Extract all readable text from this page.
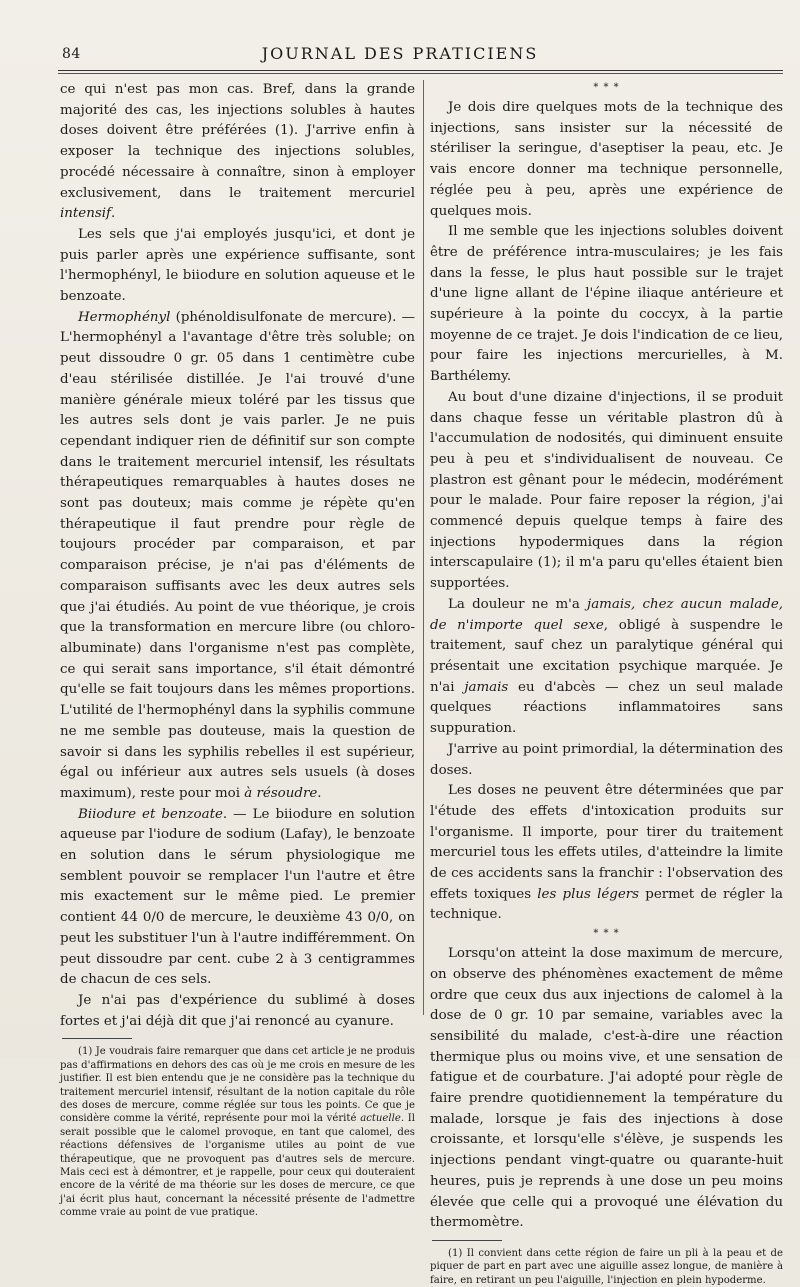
84	JOURNAL DES PRATICIENS

ce qui n'est pas mon cas. Bref, dans la grande majorité des cas, les injections solubles à hautes doses doivent être préférées (1). J'arrive enfin à exposer la technique des injections solubles, procédé nécessaire à connaître, sinon à employer exclusivement, dans le traitement mercuriel intensif.

Les sels que j'ai employés jusqu'ici, et dont je puis parler après une expérience suffisante, sont l'hermophényl, le biiodure en solution aqueuse et le benzoate.

Hermophényl (phénoldisulfonate de mercure). — L'hermophényl a l'avantage d'être très soluble; on peut dissoudre 0 gr. 05 dans 1 centimètre cube d'eau stérilisée distillée. Je l'ai trouvé d'une manière générale mieux toléré par les tissus que les autres sels dont je vais parler. Je ne puis cependant indiquer rien de définitif sur son compte dans le traitement mercuriel intensif, les résultats thérapeutiques remarquables à hautes doses ne sont pas douteux; mais comme je répète qu'en thérapeutique il faut prendre pour règle de toujours procéder par comparaison, et par comparaison précise, je n'ai pas d'éléments de comparaison suffisants avec les deux autres sels que j'ai étudiés. Au point de vue théorique, je crois que la transformation en mercure libre (ou chloro-albuminate) dans l'organisme n'est pas complète, ce qui serait sans importance, s'il était démontré qu'elle se fait toujours dans les mêmes proportions. L'utilité de l'hermophényl dans la syphilis commune ne me semble pas douteuse, mais la question de savoir si dans les syphilis rebelles il est supérieur, égal ou inférieur aux autres sels usuels (à doses maximum), reste pour moi à résoudre.

Biiodure et benzoate. — Le biiodure en solution aqueuse par l'iodure de sodium (Lafay), le benzoate en solution dans le sérum physiologique me semblent pouvoir se remplacer l'un l'autre et être mis exactement sur le même pied. Le premier contient 44 0/0 de mercure, le deuxième 43 0/0, on peut les substituer l'un à l'autre indifféremment. On peut dissoudre par cent. cube 2 à 3 centigrammes de chacun de ces sels.

Je n'ai pas d'expérience du sublimé à doses fortes et j'ai déjà dit que j'ai renoncé au cyanure.

(1) Je voudrais faire remarquer que dans cet article je ne produis pas d'affirmations en dehors des cas où je me crois en mesure de les justifier. Il est bien entendu que je ne considère pas la technique du traitement mercuriel intensif, résultant de la notion capitale du rôle des doses de mercure, comme réglée sur tous les points. Ce que je considère comme la vérité, représente pour moi la vérité actuelle. Il serait possible que le calomel provoque, en tant que calomel, des réactions défensives de l'organisme utiles au point de vue thérapeutique, que ne provoquent pas d'autres sels de mercure. Mais ceci est à démontrer, et je rappelle, pour ceux qui douteraient encore de la vérité de ma théorie sur les doses de mercure, ce que j'ai écrit plus haut, concernant la nécessité présente de l'admettre comme vraie au point de vue pratique.

* * *

Je dois dire quelques mots de la technique des injections, sans insister sur la nécessité de stériliser la seringue, d'aseptiser la peau, etc. Je vais encore donner ma technique personnelle, réglée peu à peu, après une expérience de quelques mois.

Il me semble que les injections solubles doivent être de préférence intra-musculaires; je les fais dans la fesse, le plus haut possible sur le trajet d'une ligne allant de l'épine iliaque antérieure et supérieure à la pointe du coccyx, à la partie moyenne de ce trajet. Je dois l'indication de ce lieu, pour faire les injections mercurielles, à M. Barthélemy.

Au bout d'une dizaine d'injections, il se produit dans chaque fesse un véritable plastron dû à l'accumulation de nodosités, qui diminuent ensuite peu à peu et s'individualisent de nouveau. Ce plastron est gênant pour le médecin, modérément pour le malade. Pour faire reposer la région, j'ai commencé depuis quelque temps à faire des injections hypodermiques dans la région interscapulaire (1); il m'a paru qu'elles étaient bien supportées.

La douleur ne m'a jamais, chez aucun malade, de n'importe quel sexe, obligé à suspendre le traitement, sauf chez un paralytique général qui présentait une excitation psychique marquée. Je n'ai jamais eu d'abcès — chez un seul malade quelques réactions inflammatoires sans suppuration.

J'arrive au point primordial, la détermination des doses.

Les doses ne peuvent être déterminées que par l'étude des effets d'intoxication produits sur l'organisme. Il importe, pour tirer du traitement mercuriel tous les effets utiles, d'atteindre la limite de ces accidents sans la franchir : l'observation des effets toxiques les plus légers permet de régler la technique.

* * *

Lorsqu'on atteint la dose maximum de mercure, on observe des phénomènes exactement de même ordre que ceux dus aux injections de calomel à la dose de 0 gr. 10 par semaine, variables avec la sensibilité du malade, c'est-à-dire une réaction thermique plus ou moins vive, et une sensation de fatigue et de courbature. J'ai adopté pour règle de faire prendre quotidiennement la température du malade, lorsque je fais des injections à dose croissante, et lorsqu'elle s'élève, je suspends les injections pendant vingt-quatre ou quarante-huit heures, puis je reprends à une dose un peu moins élevée que celle qui a provoqué une élévation du thermomètre.

(1) Il convient dans cette région de faire un pli à la peau et de piquer de part en part avec une aiguille assez longue, de manière à faire, en retirant un peu l'aiguille, l'injection en plein hypoderme.
